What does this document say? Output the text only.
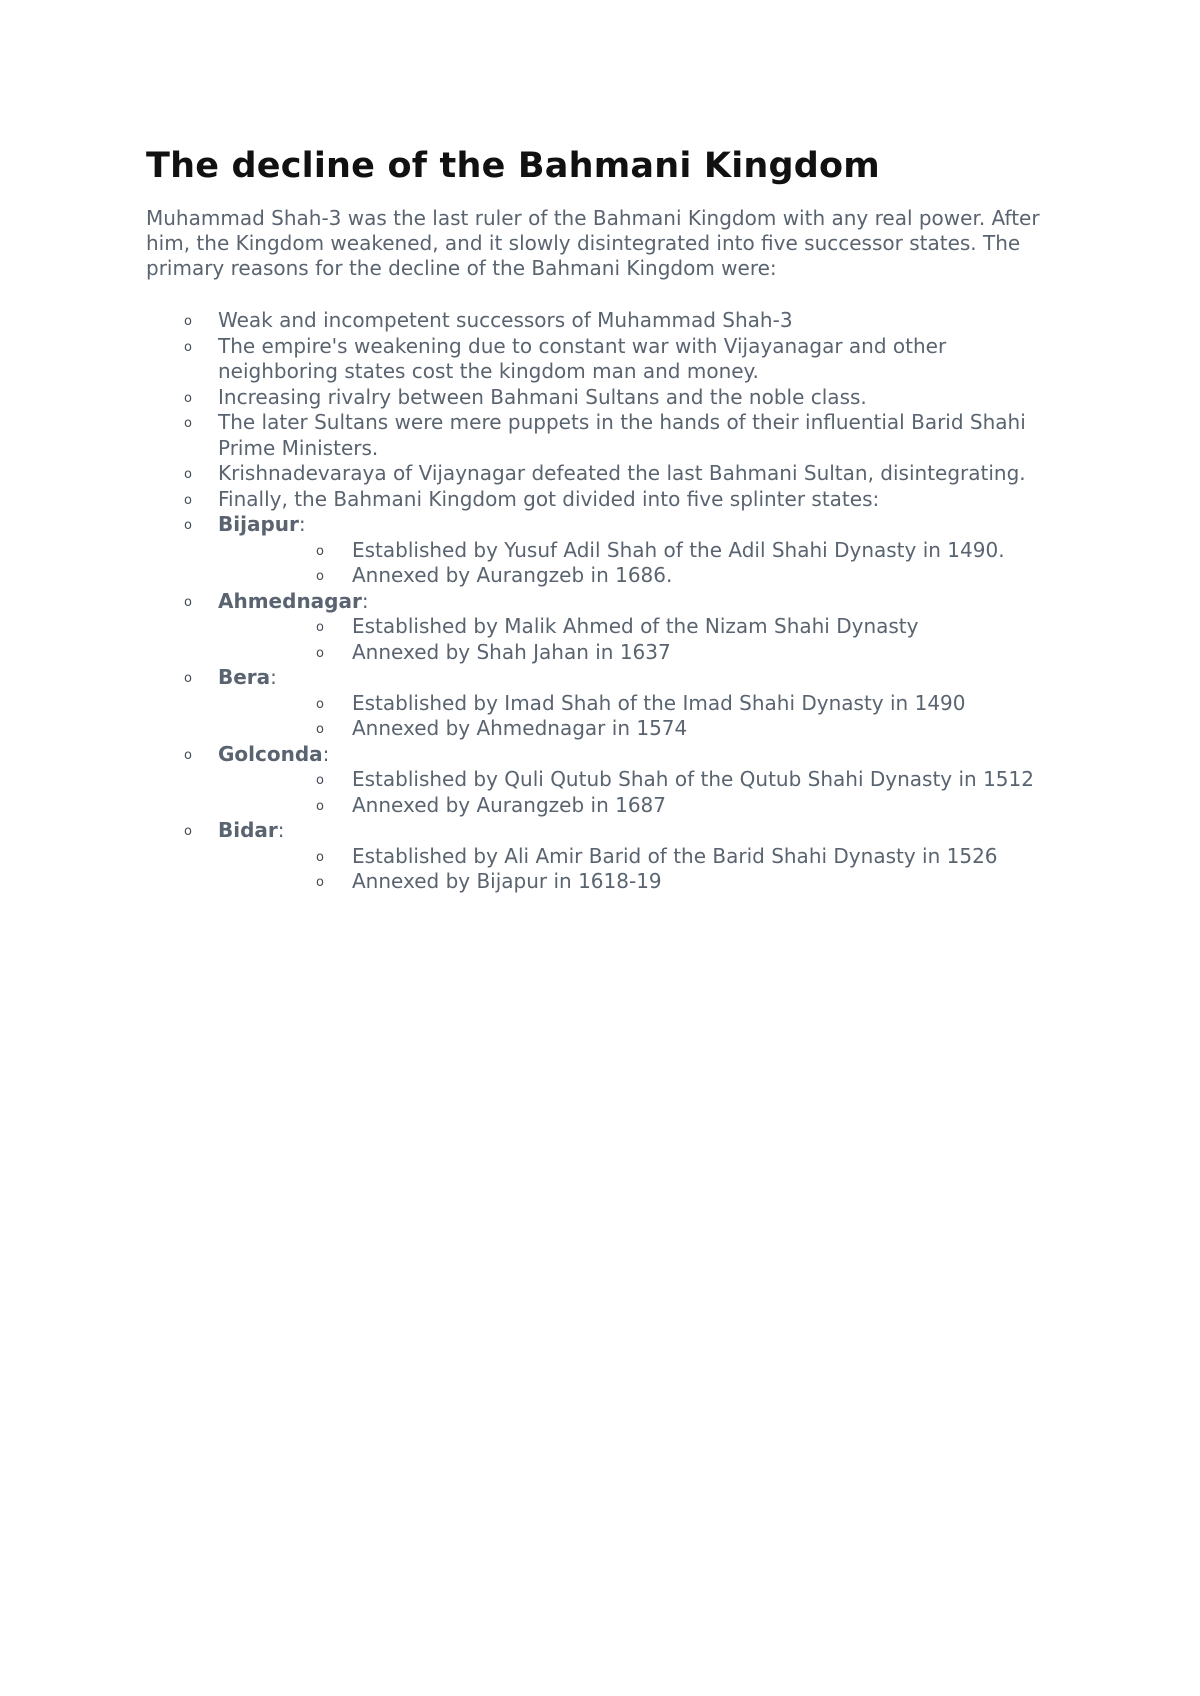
The decline of the Bahmani Kingdom

Muhammad Shah-3 was the last ruler of the Bahmani Kingdom with any real power. After him, the Kingdom weakened, and it slowly disintegrated into five successor states. The primary reasons for the decline of the Bahmani Kingdom were:

o Weak and incompetent successors of Muhammad Shah-3
o The empire's weakening due to constant war with Vijayanagar and other neighboring states cost the kingdom man and money.
o Increasing rivalry between Bahmani Sultans and the noble class.
o The later Sultans were mere puppets in the hands of their influential Barid Shahi Prime Ministers.
o Krishnadevaraya of Vijaynagar defeated the last Bahmani Sultan, disintegrating.
o Finally, the Bahmani Kingdom got divided into five splinter states:
o Bijapur:
o Established by Yusuf Adil Shah of the Adil Shahi Dynasty in 1490.
o Annexed by Aurangzeb in 1686.
o Ahmednagar:
o Established by Malik Ahmed of the Nizam Shahi Dynasty
o Annexed by Shah Jahan in 1637
o Bera:
o Established by Imad Shah of the Imad Shahi Dynasty in 1490
o Annexed by Ahmednagar in 1574
o Golconda:
o Established by Quli Qutub Shah of the Qutub Shahi Dynasty in 1512
o Annexed by Aurangzeb in 1687
o Bidar:
o Established by Ali Amir Barid of the Barid Shahi Dynasty in 1526
o Annexed by Bijapur in 1618-19
